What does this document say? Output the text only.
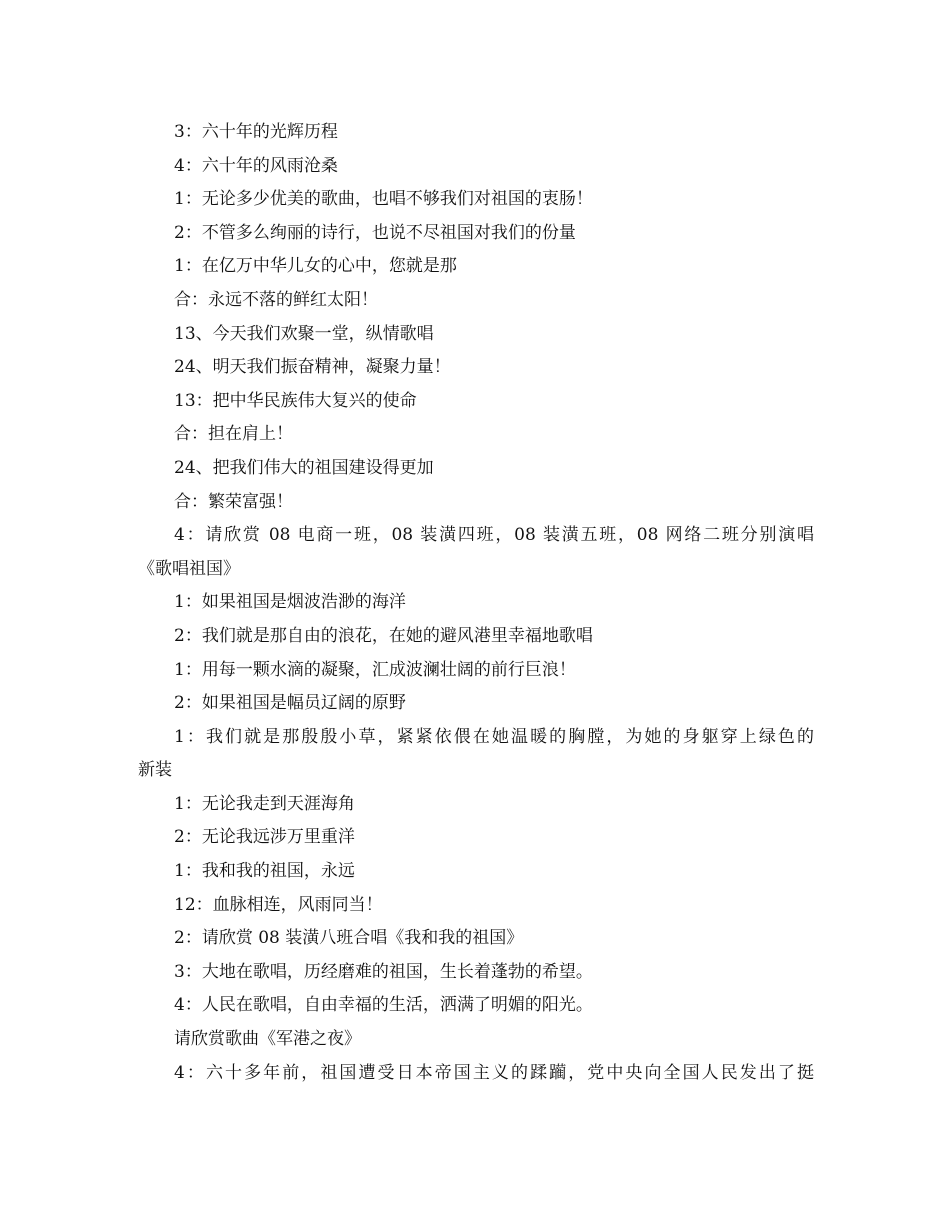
3：六十年的光辉历程
4：六十年的风雨沧桑
1：无论多少优美的歌曲，也唱不够我们对祖国的衷肠！
2：不管多么绚丽的诗行，也说不尽祖国对我们的份量
1：在亿万中华儿女的心中，您就是那
合：永远不落的鲜红太阳！
13、今天我们欢聚一堂，纵情歌唱
24、明天我们振奋精神，凝聚力量！
13：把中华民族伟大复兴的使命
合：担在肩上！
24、把我们伟大的祖国建设得更加
合：繁荣富强！
4：请欣赏 08 电商一班，08 装潢四班，08 装潢五班，08 网络二班分别演唱
《歌唱祖国》
1：如果祖国是烟波浩渺的海洋
2：我们就是那自由的浪花，在她的避风港里幸福地歌唱
1：用每一颗水滴的凝聚，汇成波澜壮阔的前行巨浪！
2：如果祖国是幅员辽阔的原野
1：我们就是那殷殷小草，紧紧依偎在她温暖的胸膛，为她的身躯穿上绿色的
新装
1：无论我走到天涯海角
2：无论我远涉万里重洋
1：我和我的祖国，永远
12：血脉相连，风雨同当！
2：请欣赏 08 装潢八班合唱《我和我的祖国》
3：大地在歌唱，历经磨难的祖国，生长着蓬勃的希望。
4：人民在歌唱，自由幸福的生活，洒满了明媚的阳光。
请欣赏歌曲《军港之夜》
4：六十多年前，祖国遭受日本帝国主义的蹂躏，党中央向全国人民发出了挺
